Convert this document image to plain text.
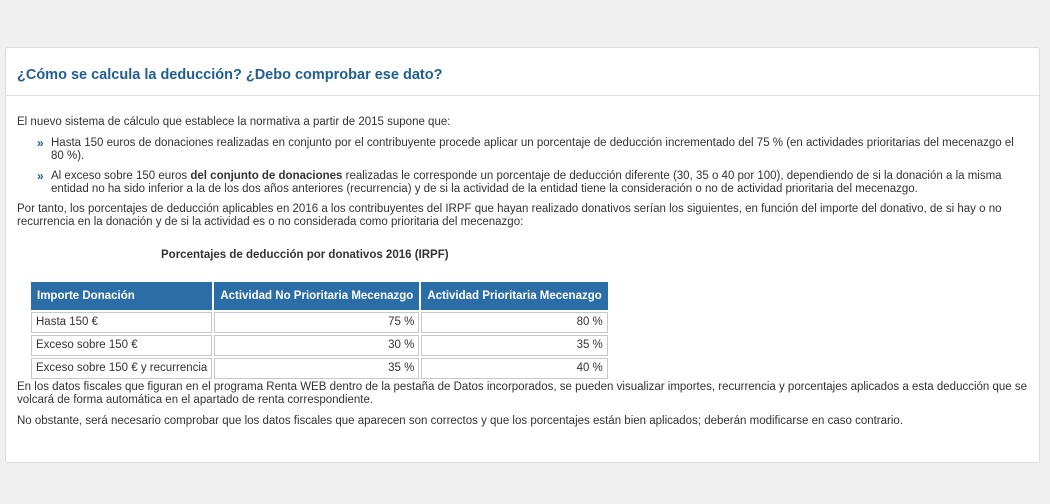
¿Cómo se calcula la deducción? ¿Debo comprobar ese dato?

El nuevo sistema de cálculo que establece la normativa a partir de 2015 supone que:

» Hasta 150 euros de donaciones realizadas en conjunto por el contribuyente procede aplicar un porcentaje de deducción incrementado del 75 % (en actividades prioritarias del mecenazgo el 80 %).
» Al exceso sobre 150 euros del conjunto de donaciones realizadas le corresponde un porcentaje de deducción diferente (30, 35 o 40 por 100), dependiendo de si la donación a la misma entidad no ha sido inferior a la de los dos años anteriores (recurrencia) y de si la actividad de la entidad tiene la consideración o no de actividad prioritaria del mecenazgo.

Por tanto, los porcentajes de deducción aplicables en 2016 a los contribuyentes del IRPF que hayan realizado donativos serían los siguientes, en función del importe del donativo, de si hay o no recurrencia en la donación y de si la actividad es o no considerada como prioritaria del mecenazgo:

Porcentajes de deducción por donativos 2016 (IRPF)
Importe Donación	Actividad No Prioritaria Mecenazgo	Actividad Prioritaria Mecenazgo
Hasta 150 €	75 %	80 %
Exceso sobre 150 €	30 %	35 %
Exceso sobre 150 € y recurrencia	35 %	40 %

En los datos fiscales que figuran en el programa Renta WEB dentro de la pestaña de Datos incorporados, se pueden visualizar importes, recurrencia y porcentajes aplicados a esta deducción que se volcará de forma automática en el apartado de renta correspondiente.

No obstante, será necesario comprobar que los datos fiscales que aparecen son correctos y que los porcentajes están bien aplicados; deberán modificarse en caso contrario.
